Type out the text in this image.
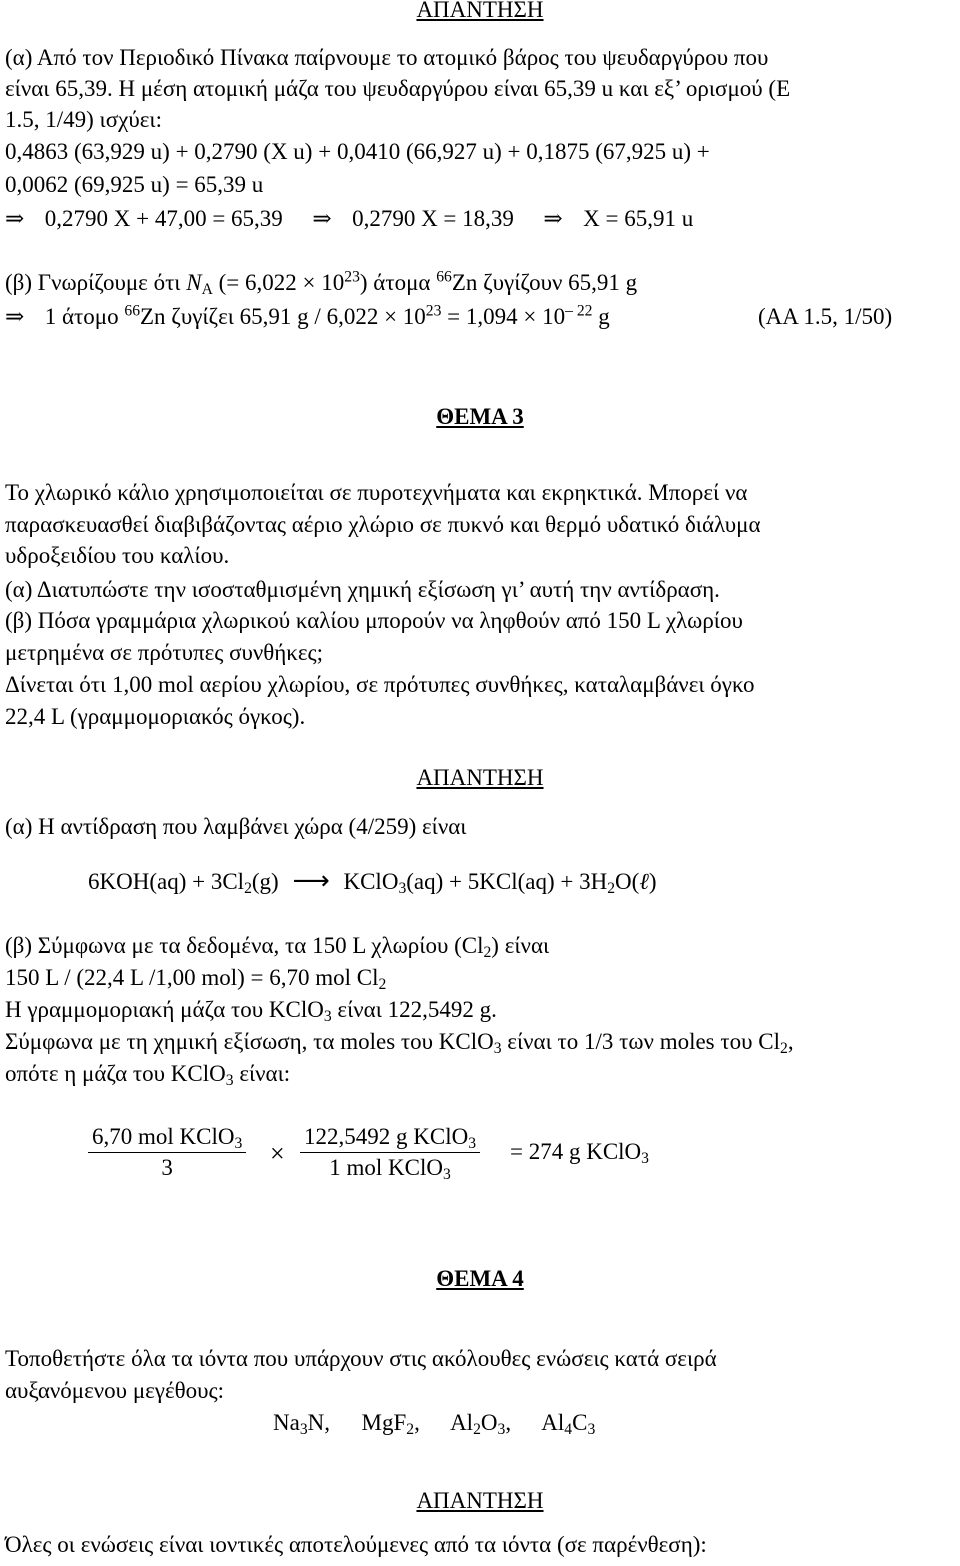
ΑΠΑΝΤΗΣΗ
(α) Από τον Περιοδικό Πίνακα παίρνουμε το ατομικό βάρος του ψευδαργύρου που
είναι 65,39. Η μέση ατομική μάζα του ψευδαργύρου είναι 65,39 u και εξ’ ορισμού (Ε
1.5, 1/49) ισχύει:
0,4863 (63,929 u) + 0,2790 (X u) + 0,0410 (66,927 u) + 0,1875 (67,925 u) +
0,0062 (69,925 u) = 65,39 u
⇒ 0,2790 X + 47,00 = 65,39 ⇒ 0,2790 X = 18,39 ⇒ X = 65,91 u
(β) Γνωρίζουμε ότι $N_A$ (= $6,022 \times 10^{23}$) άτομα $^{66}$Zn ζυγίζουν 65,91 g
⇒ 1 άτομο $^{66}$Zn ζυγίζει 65,91 $g / 6,022 \times 10^{23} = 1,094 \times 10^{- 22}$ g	(ΑΑ 1.5, 1/50)
ΘΕΜΑ 3
Το χλωρικό κάλιο χρησιμοποιείται σε πυροτεχνήματα και εκρηκτικά. Μπορεί να
παρασκευασθεί διαβιβάζοντας αέριο χλώριο σε πυκνό και θερμό υδατικό διάλυμα
υδροξειδίου του καλίου.
(α) Διατυπώστε την ισοσταθμισμένη χημική εξίσωση γι’ αυτή την αντίδραση.
(β) Πόσα γραμμάρια χλωρικού καλίου μπορούν να ληφθούν από 150 L χλωρίου
μετρημένα σε πρότυπες συνθήκες;
Δίνεται ότι 1,00 mol αερίου χλωρίου, σε πρότυπες συνθήκες, καταλαμβάνει όγκο
22,4 L (γραμμομοριακός όγκος).
ΑΠΑΝΤΗΣΗ
(α) Η αντίδραση που λαμβάνει χώρα (4/259) είναι
$6KOH(aq) + 3Cl_2(g)$ ⟶ KClO$_3$(aq) + $5KCl(aq) + 3H_2O(\ell)$
(β) Σύμφωνα με τα δεδομένα, τα 150 L χλωρίου $(Cl_2)$ είναι
150 L / (22,4 L /1,00 mol) = 6,70 mol $Cl_2$
Η γραμμομοριακή μάζα του KClO$_3$ είναι 122,5492 g.
Σύμφωνα με τη χημική εξίσωση, τα moles του KClO$_3$ είναι το 1/3 των moles του $Cl_2$,
οπότε η μάζα του KClO$_3$ είναι:
6,70 mol KClO$_3$
3	×
122,5492 g KClO$_3$
1 mol KClO$_3$
= 274 g KClO$_3$
ΘΕΜΑ 4
Τοποθετήστε όλα τα ιόντα που υπάρχουν στις ακόλουθες ενώσεις κατά σειρά
αυξανόμενου μεγέθους:
$Na_3N$, MgF$_2$, $Al_2O_3$, $Al_4C_3$
ΑΠΑΝΤΗΣΗ
Όλες οι ενώσεις είναι ιοντικές αποτελούμενες από τα ιόντα (σε παρένθεση):
